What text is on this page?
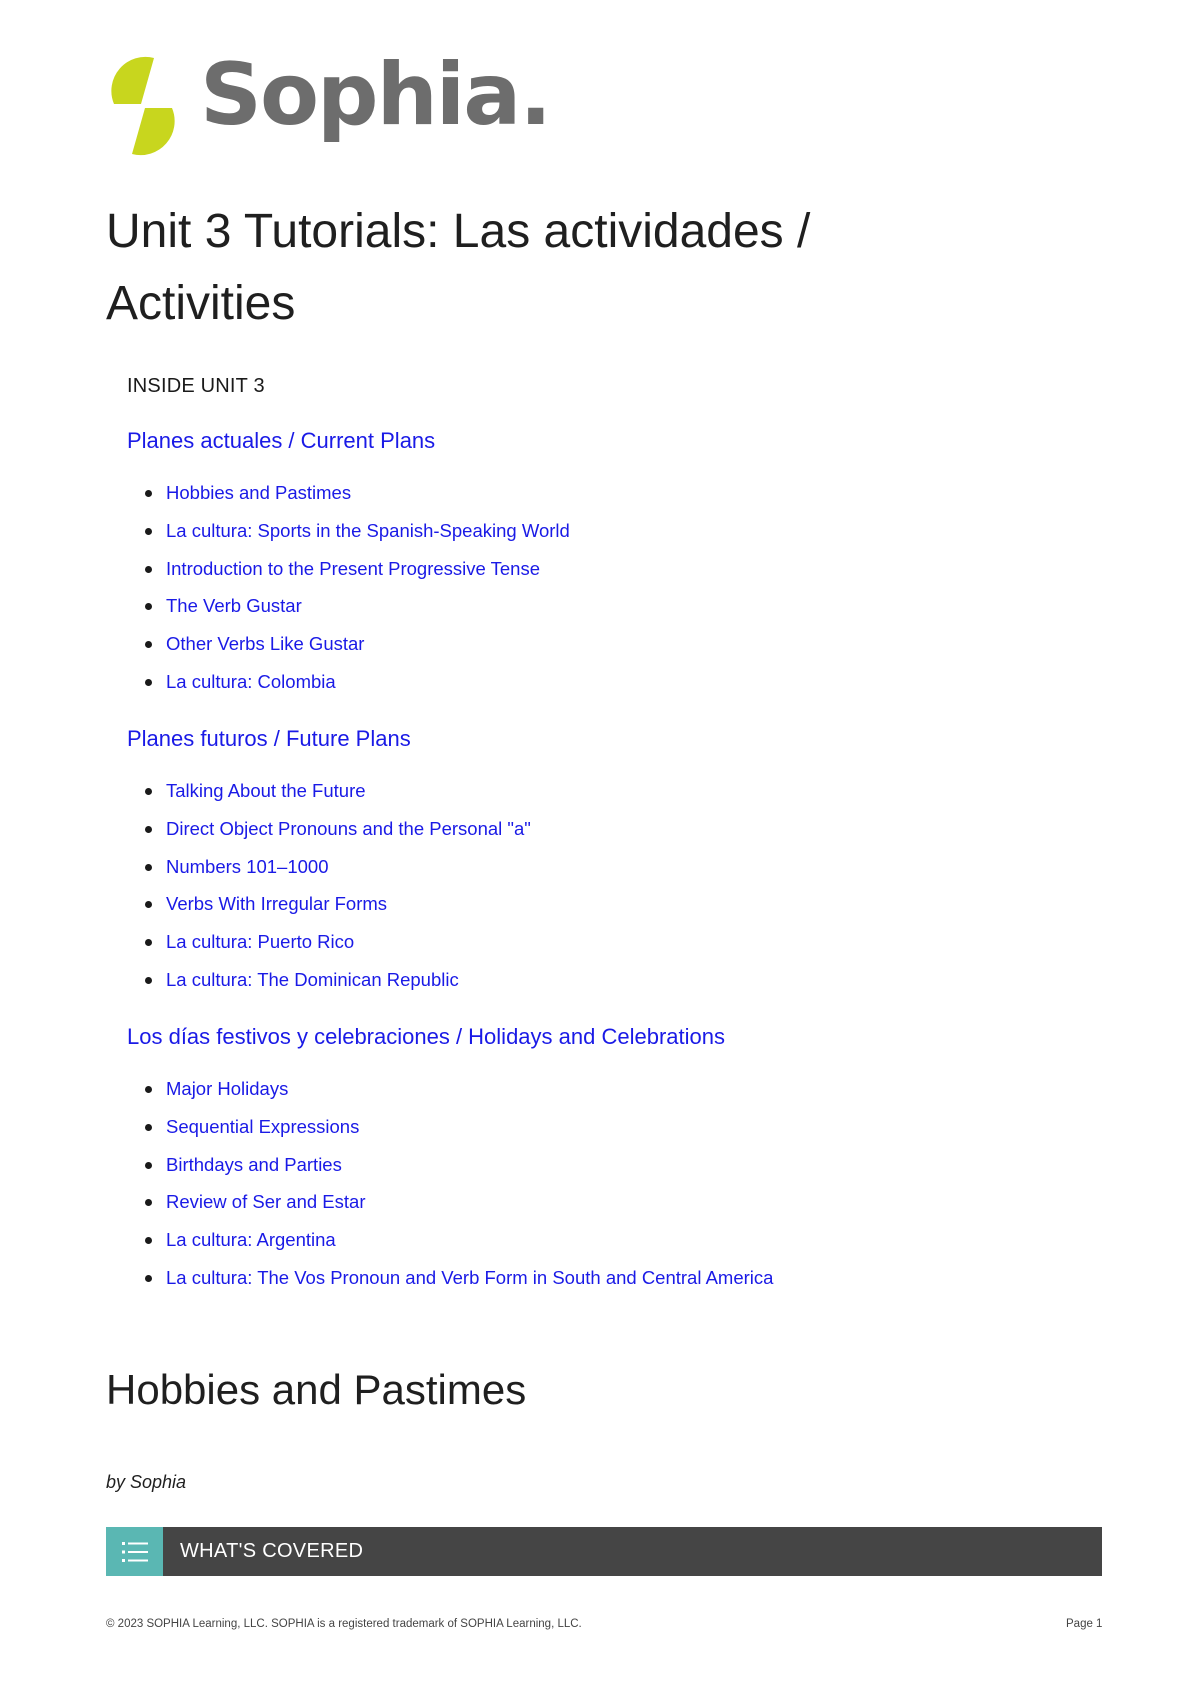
Sophia.
Unit 3 Tutorials: Las actividades / Activities
INSIDE UNIT 3
Planes actuales / Current Plans
Hobbies and Pastimes
La cultura: Sports in the Spanish-Speaking World
Introduction to the Present Progressive Tense
The Verb Gustar
Other Verbs Like Gustar
La cultura: Colombia
Planes futuros / Future Plans
Talking About the Future
Direct Object Pronouns and the Personal "a"
Numbers 101–1000
Verbs With Irregular Forms
La cultura: Puerto Rico
La cultura: The Dominican Republic
Los días festivos y celebraciones / Holidays and Celebrations
Major Holidays
Sequential Expressions
Birthdays and Parties
Review of Ser and Estar
La cultura: Argentina
La cultura: The Vos Pronoun and Verb Form in South and Central America
Hobbies and Pastimes
by Sophia
WHAT'S COVERED
© 2023 SOPHIA Learning, LLC. SOPHIA is a registered trademark of SOPHIA Learning, LLC.	Page 1
